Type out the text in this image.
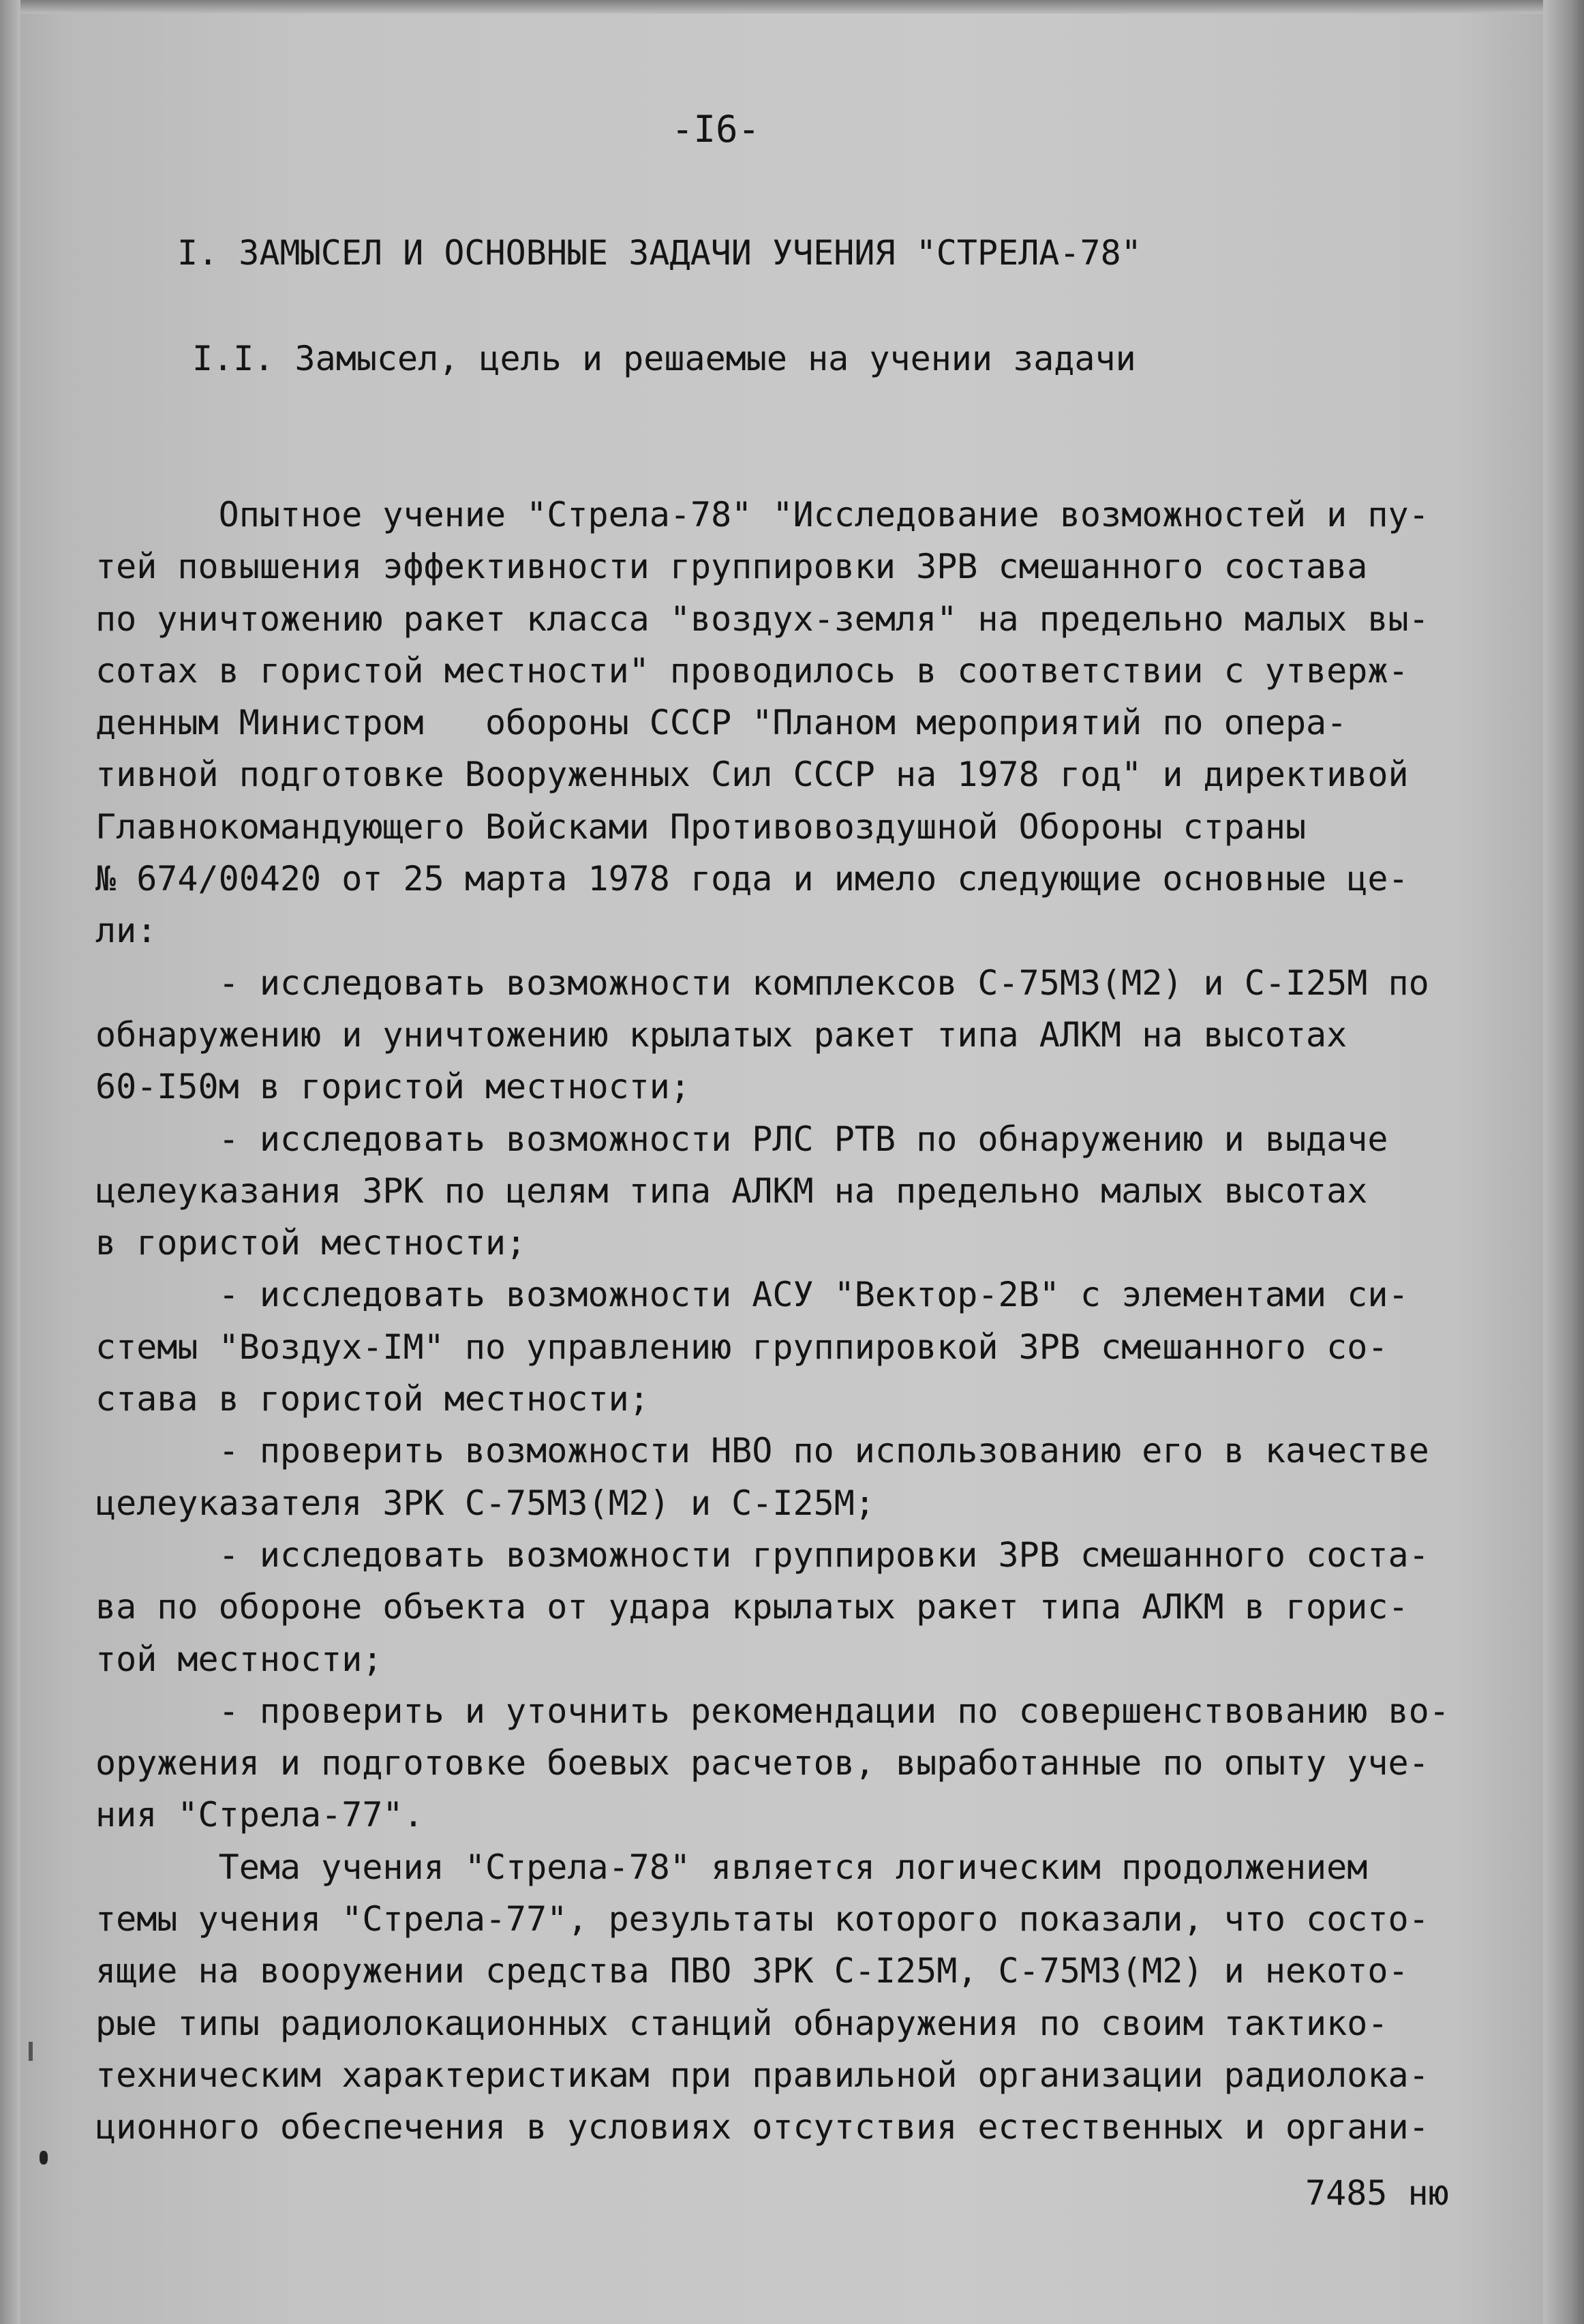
-I6-
I. ЗАМЫСЕЛ И ОСНОВНЫЕ ЗАДАЧИ УЧЕНИЯ "СТРЕЛА-78"
I.I. Замысел, цель и решаемые на учении задачи
Опытное учение "Стрела-78" "Исследование возможностей и пу-
тей повышения эффективности группировки ЗРВ смешанного состава
по уничтожению ракет класса "воздух-земля" на предельно малых вы-
сотах в гористой местности" проводилось в соответствии с утверж-
денным Министром   обороны СССР "Планом мероприятий по опера-
тивной подготовке Вооруженных Сил СССР на 1978 год" и директивой
Главнокомандующего Войсками Противовоздушной Обороны страны
№ 674/00420 от 25 марта 1978 года и имело следующие основные це-
ли:
- исследовать возможности комплексов С-75МЗ(М2) и С-I25М по
обнаружению и уничтожению крылатых ракет типа АЛКМ на высотах
60-I50м в гористой местности;
- исследовать возможности РЛС РТВ по обнаружению и выдаче
целеуказания ЗРК по целям типа АЛКМ на предельно малых высотах
в гористой местности;
- исследовать возможности АСУ "Вектор-2В" с элементами си-
стемы "Воздух-IМ" по управлению группировкой ЗРВ смешанного со-
става в гористой местности;
- проверить возможности НВО по использованию его в качестве
целеуказателя ЗРК С-75МЗ(М2) и С-I25М;
- исследовать возможности группировки ЗРВ смешанного соста-
ва по обороне объекта от удара крылатых ракет типа АЛКМ в горис-
той местности;
- проверить и уточнить рекомендации по совершенствованию во-
оружения и подготовке боевых расчетов, выработанные по опыту уче-
ния "Стрела-77".
Тема учения "Стрела-78" является логическим продолжением
темы учения "Стрела-77", результаты которого показали, что состо-
ящие на вооружении средства ПВО ЗРК С-I25М, С-75МЗ(М2) и некото-
рые типы радиолокационных станций обнаружения по своим тактико-
техническим характеристикам при правильной организации радиолока-
ционного обеспечения в условиях отсутствия естественных и органи-
7485 ню
